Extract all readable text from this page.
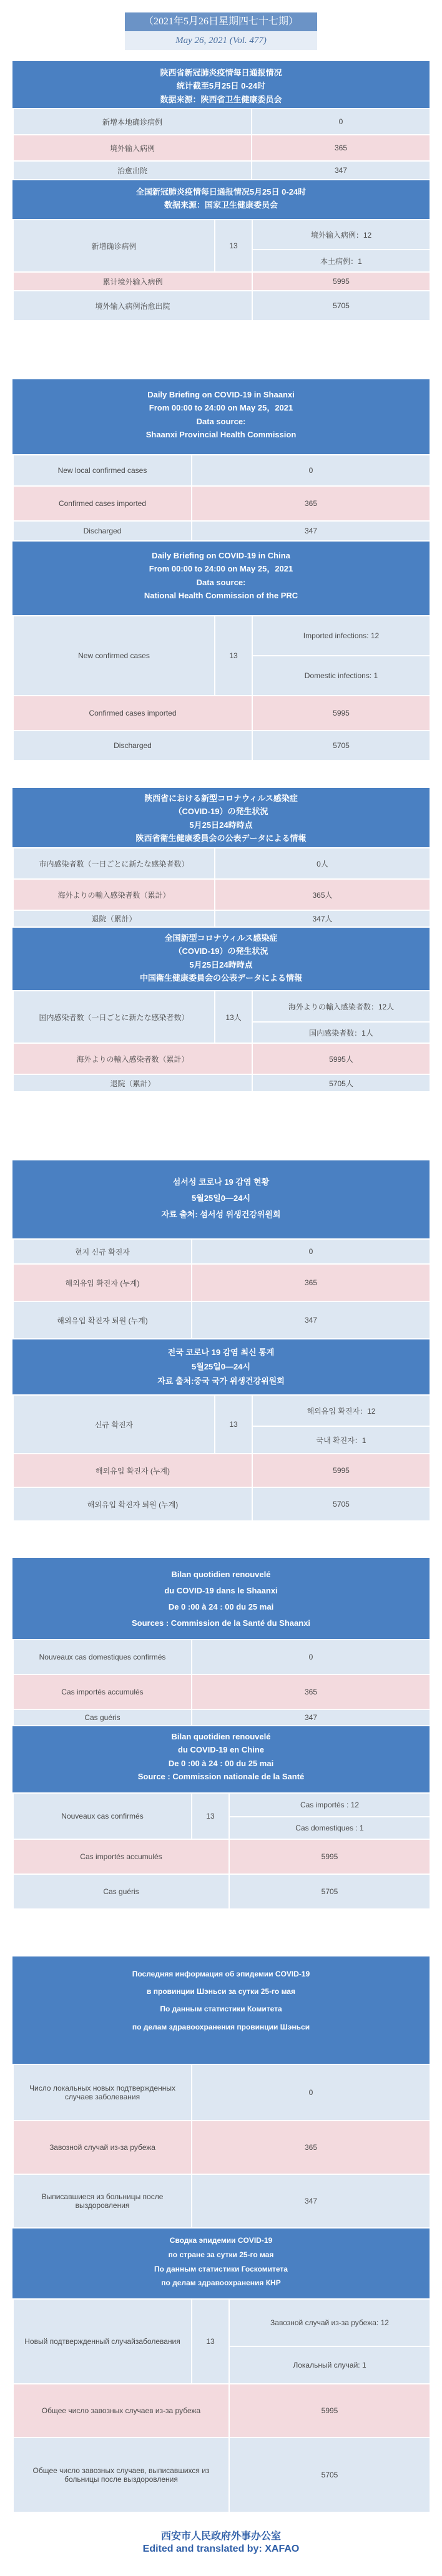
（2021年5月26日星期四七十七期）
May 26, 2021 (Vol. 477)
陕西省新冠肺炎疫情每日通报情况
统计截至5月25日 0-24时
数据来源：陕西省卫生健康委员会
新增本地确诊病例	0
境外输入病例	365
治愈出院	347
全国新冠肺炎疫情每日通报情况5月25日 0-24时
数据来源：国家卫生健康委员会
新增确诊病例	13	境外输入病例：12
		本土病例：1
累计境外输入病例		5995
境外输入病例治愈出院		5705
Daily Briefing on COVID-19 in Shaanxi
From 00:00 to 24:00 on May 25，2021
Data source:
Shaanxi Provincial Health Commission
New local confirmed cases	0
Confirmed cases imported	365
Discharged	347
Daily Briefing on COVID-19 in China
From 00:00 to 24:00 on May 25，2021
Data source:
National Health Commission of the PRC
New confirmed cases	13	Imported infections: 12
		Domestic infections: 1
Confirmed cases imported		5995
Discharged		5705
陝西省における新型コロナウィルス感染症
（COVID-19）の発生状況
5月25日24時時点
陝西省衛生健康委員会の公表データによる情報
市内感染者数（一日ごとに新たな感染者数）	0人
海外よりの輸入感染者数（累計）	365人
退院（累計）	347人
全国新型コロナウィルス感染症
（COVID-19）の発生状況
5月25日24時時点
中国衛生健康委員会の公表データによる情報
国内感染者数（一日ごとに新たな感染者数）	13人	海外よりの輸入感染者数：12人
		国内感染者数：1人
海外よりの輸入感染者数（累計）		5995人
退院（累計）		5705人
섬서성 코로나 19 감염 현황
5월25일0—24시
자료 출처: 섬서성 위생건강위원회
현지 신규 확진자	0
해외유입 확진자 (누계)	365
해외유입 확진자 퇴원 (누계)	347
전국 코로나 19 감염 최신 통계
5월25일0—24시
자료 출처:중국 국가 위생건강위원회
신규 확진자	13	해외유입 확진자：12
		국내 확진자：1
해외유입 확진자 (누계)		5995
해외유입 확진자 퇴원 (누계)		5705
Bilan quotidien renouvelé
du COVID-19 dans le Shaanxi
De 0 :00 à 24 : 00 du 25 mai
Sources : Commission de la Santé du Shaanxi
Nouveaux cas domestiques confirmés	0
Cas importés accumulés	365
Cas guéris	347
Bilan quotidien renouvelé
du COVID-19 en Chine
De 0 :00 à 24 : 00 du 25 mai
Source : Commission nationale de la Santé
Nouveaux cas confirmés	13	Cas importés : 12
		Cas domestiques : 1
Cas importés accumulés		5995
Cas guéris		5705
Последняя информация об эпидемии COVID-19
в провинции Шэньси за сутки 25-го мая
По данным статистики Комитета
по делам здравоохранения провинции Шэньси
Число локальных новых подтвержденных случаев заболевания	0
Завозной случай из-за рубежа	365
Выписавшиеся из больницы после выздоровления	347
Сводка эпидемии COVID-19
по стране за сутки 25-го мая
По данным статистики Госкомитета
по делам здравоохранения КНР
Новый подтвержденный случайзаболевания	13	Завозной случай из-за рубежа: 12
		Локальный случай: 1
Общее число завозных случаев из-за рубежа		5995
Общее число завозных случаев, выписавшихся из больницы после выздоровления		5705
西安市人民政府外事办公室
Edited and translated by: XAFAO
